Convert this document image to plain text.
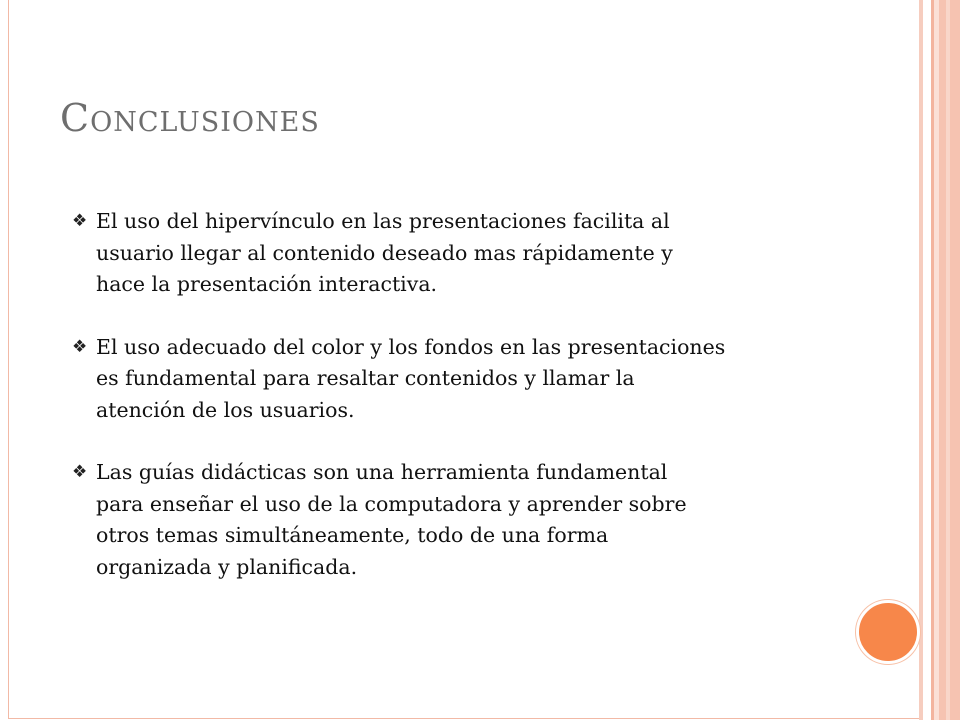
Conclusiones
❖ El uso del hipervínculo en las presentaciones facilita al
usuario llegar al contenido deseado mas rápidamente y
hace la presentación interactiva.
❖ El uso adecuado del color y los fondos en las presentaciones
es fundamental para resaltar contenidos y llamar la
atención de los usuarios.
❖ Las guías didácticas son una herramienta fundamental
para enseñar el uso de la computadora y aprender sobre
otros temas simultáneamente, todo de una forma
organizada y planificada.
